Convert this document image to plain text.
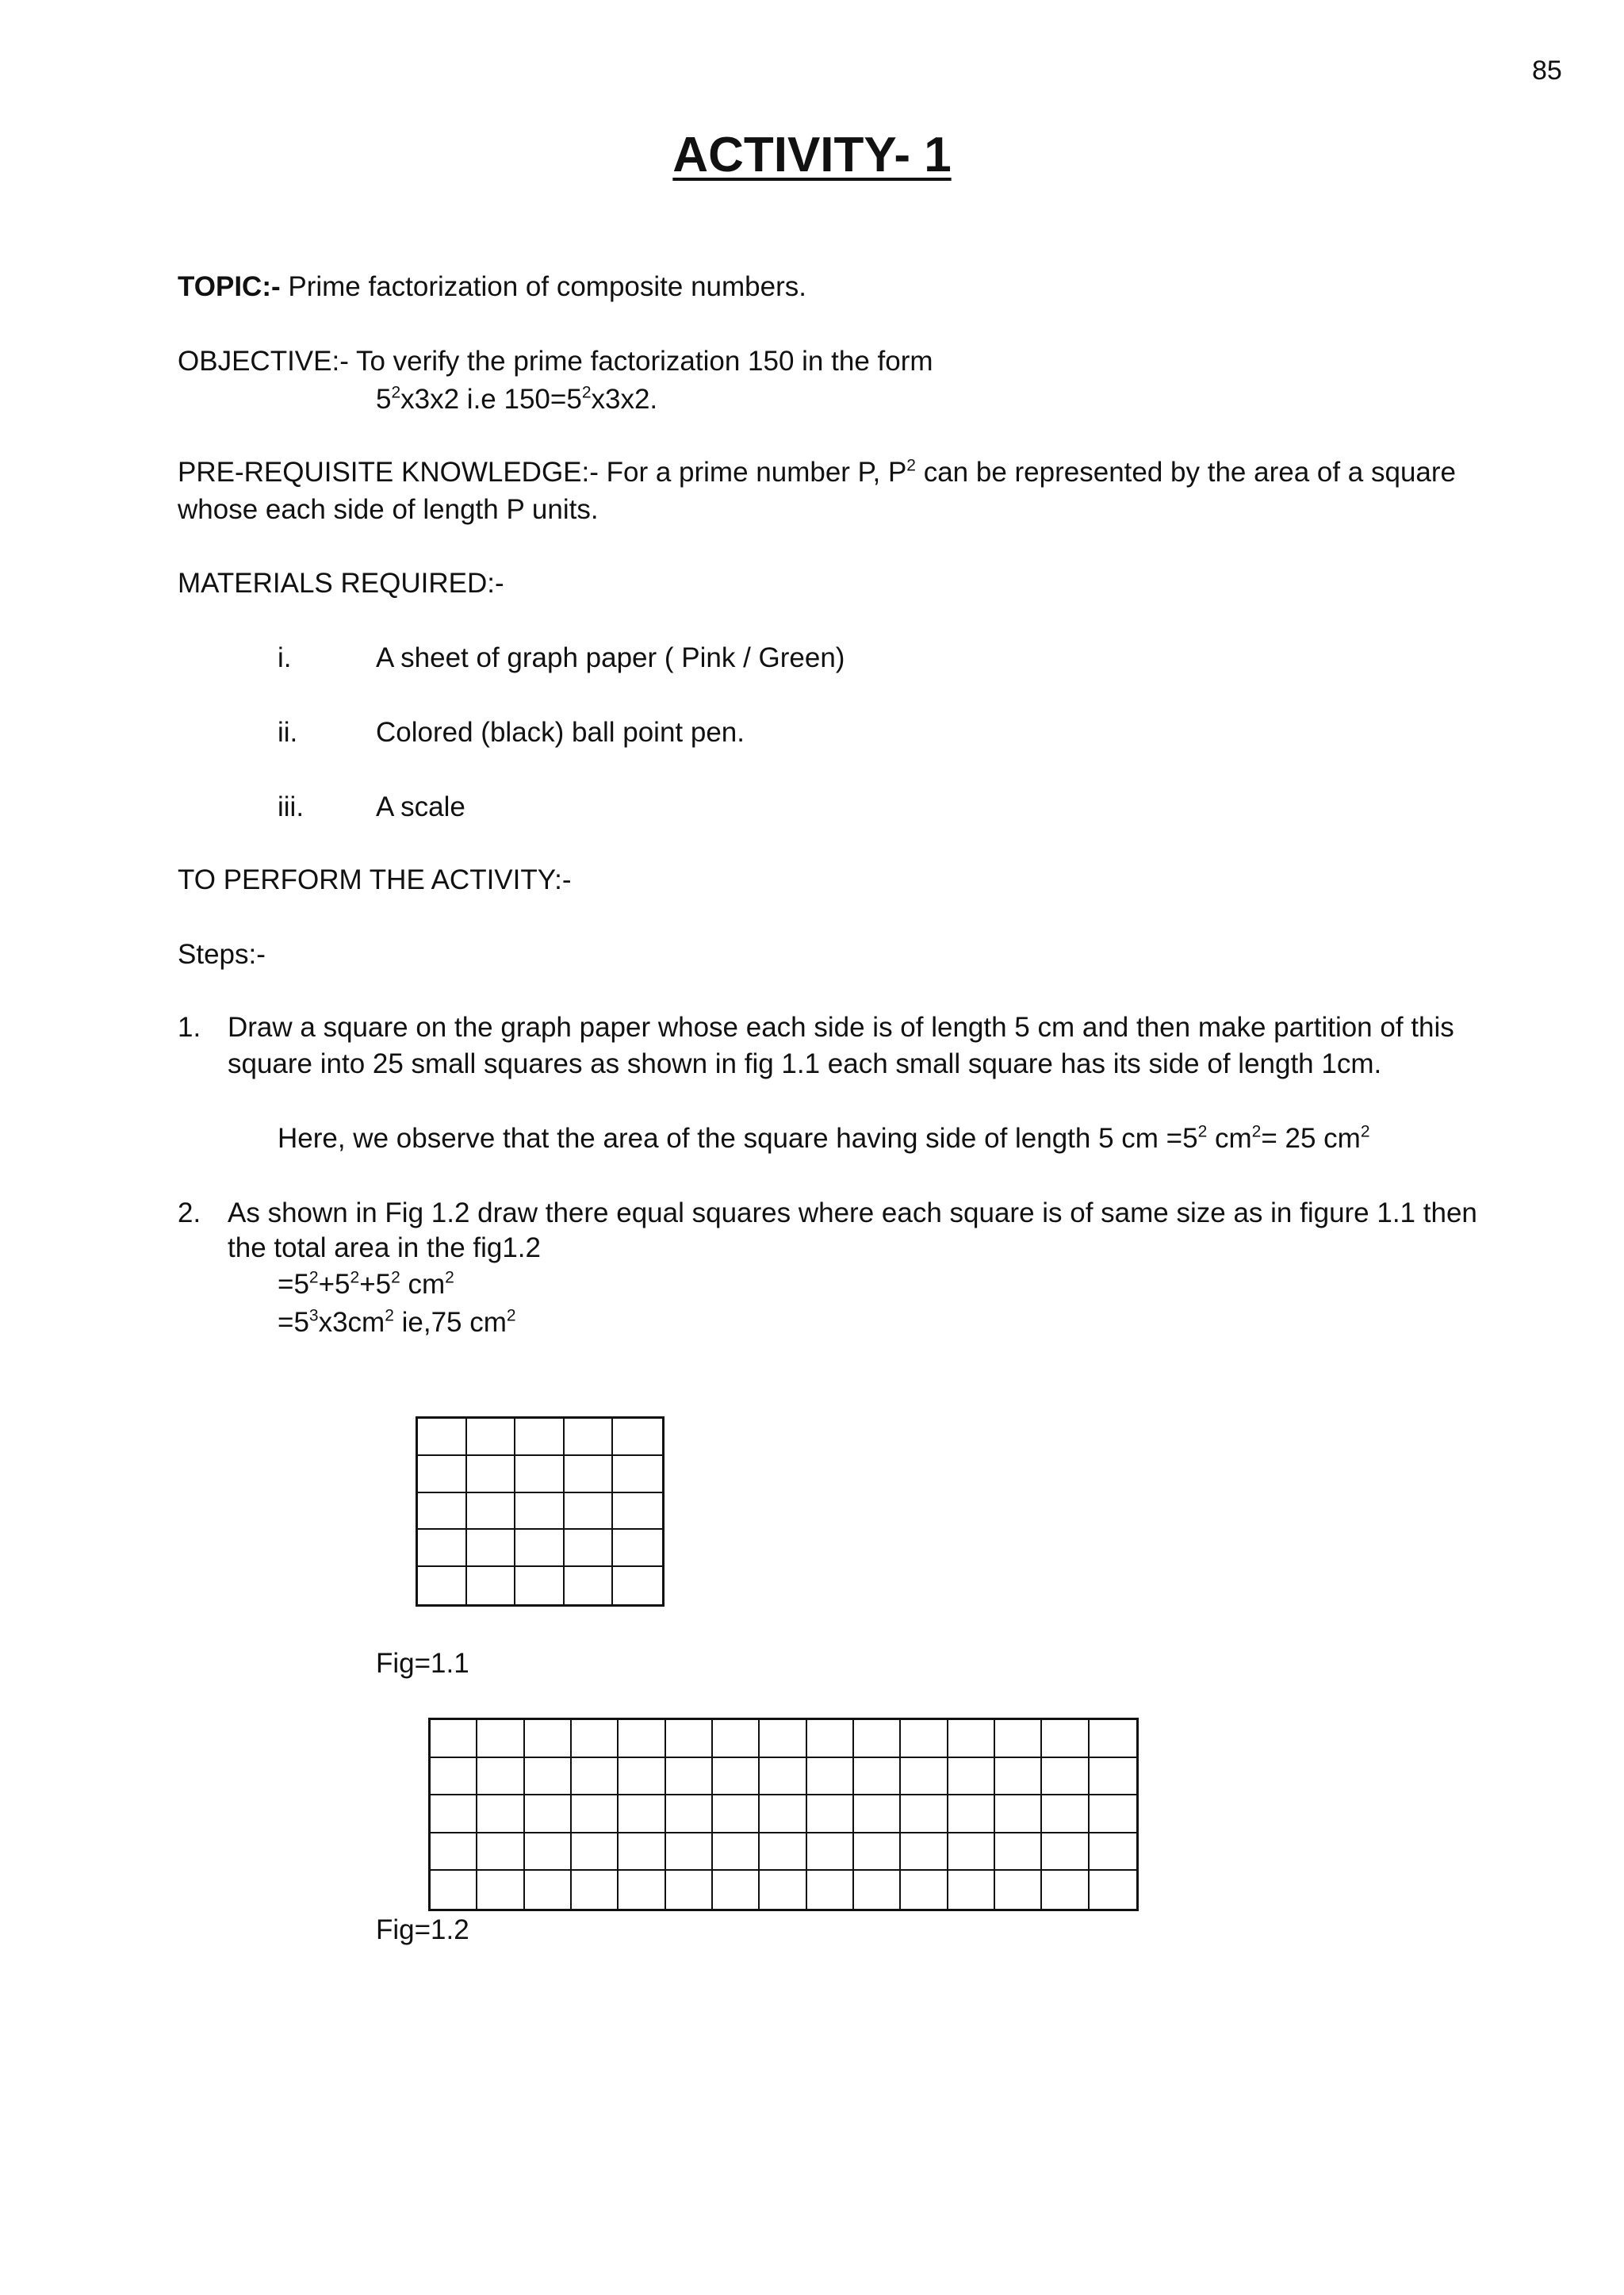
85
ACTIVITY- 1
TOPIC:- Prime factorization of composite numbers.
OBJECTIVE:- To verify the prime factorization 150 in the form
$5^2x3x2$ i.e $150=5^2x3x2$.
PRE-REQUISITE KNOWLEDGE:- For a prime number P, $P^2$ can be represented by the area of a square
whose each side of length P units.
MATERIALS REQUIRED:-
i.	A sheet of graph paper ( Pink / Green)
ii.	Colored (black) ball point pen.
iii.	A scale
TO PERFORM THE ACTIVITY:-
Steps:-
1. Draw a square on the graph paper whose each side is of length 5 cm and then make partition of this
square into 25 small squares as shown in fig 1.1 each small square has its side of length 1cm.
Here, we observe that the area of the square having side of length 5 cm $=5^2$ $cm^2= 25$ $cm^2$
2. As shown in Fig 1.2 draw there equal squares where each square is of same size as in figure 1.1 then
the total area in the fig1.2
$=5^2+5^2+5^2$ $cm^2$
$=5^3x3cm^2$ ie,75 $cm^2$
Fig=1.1
Fig=1.2
